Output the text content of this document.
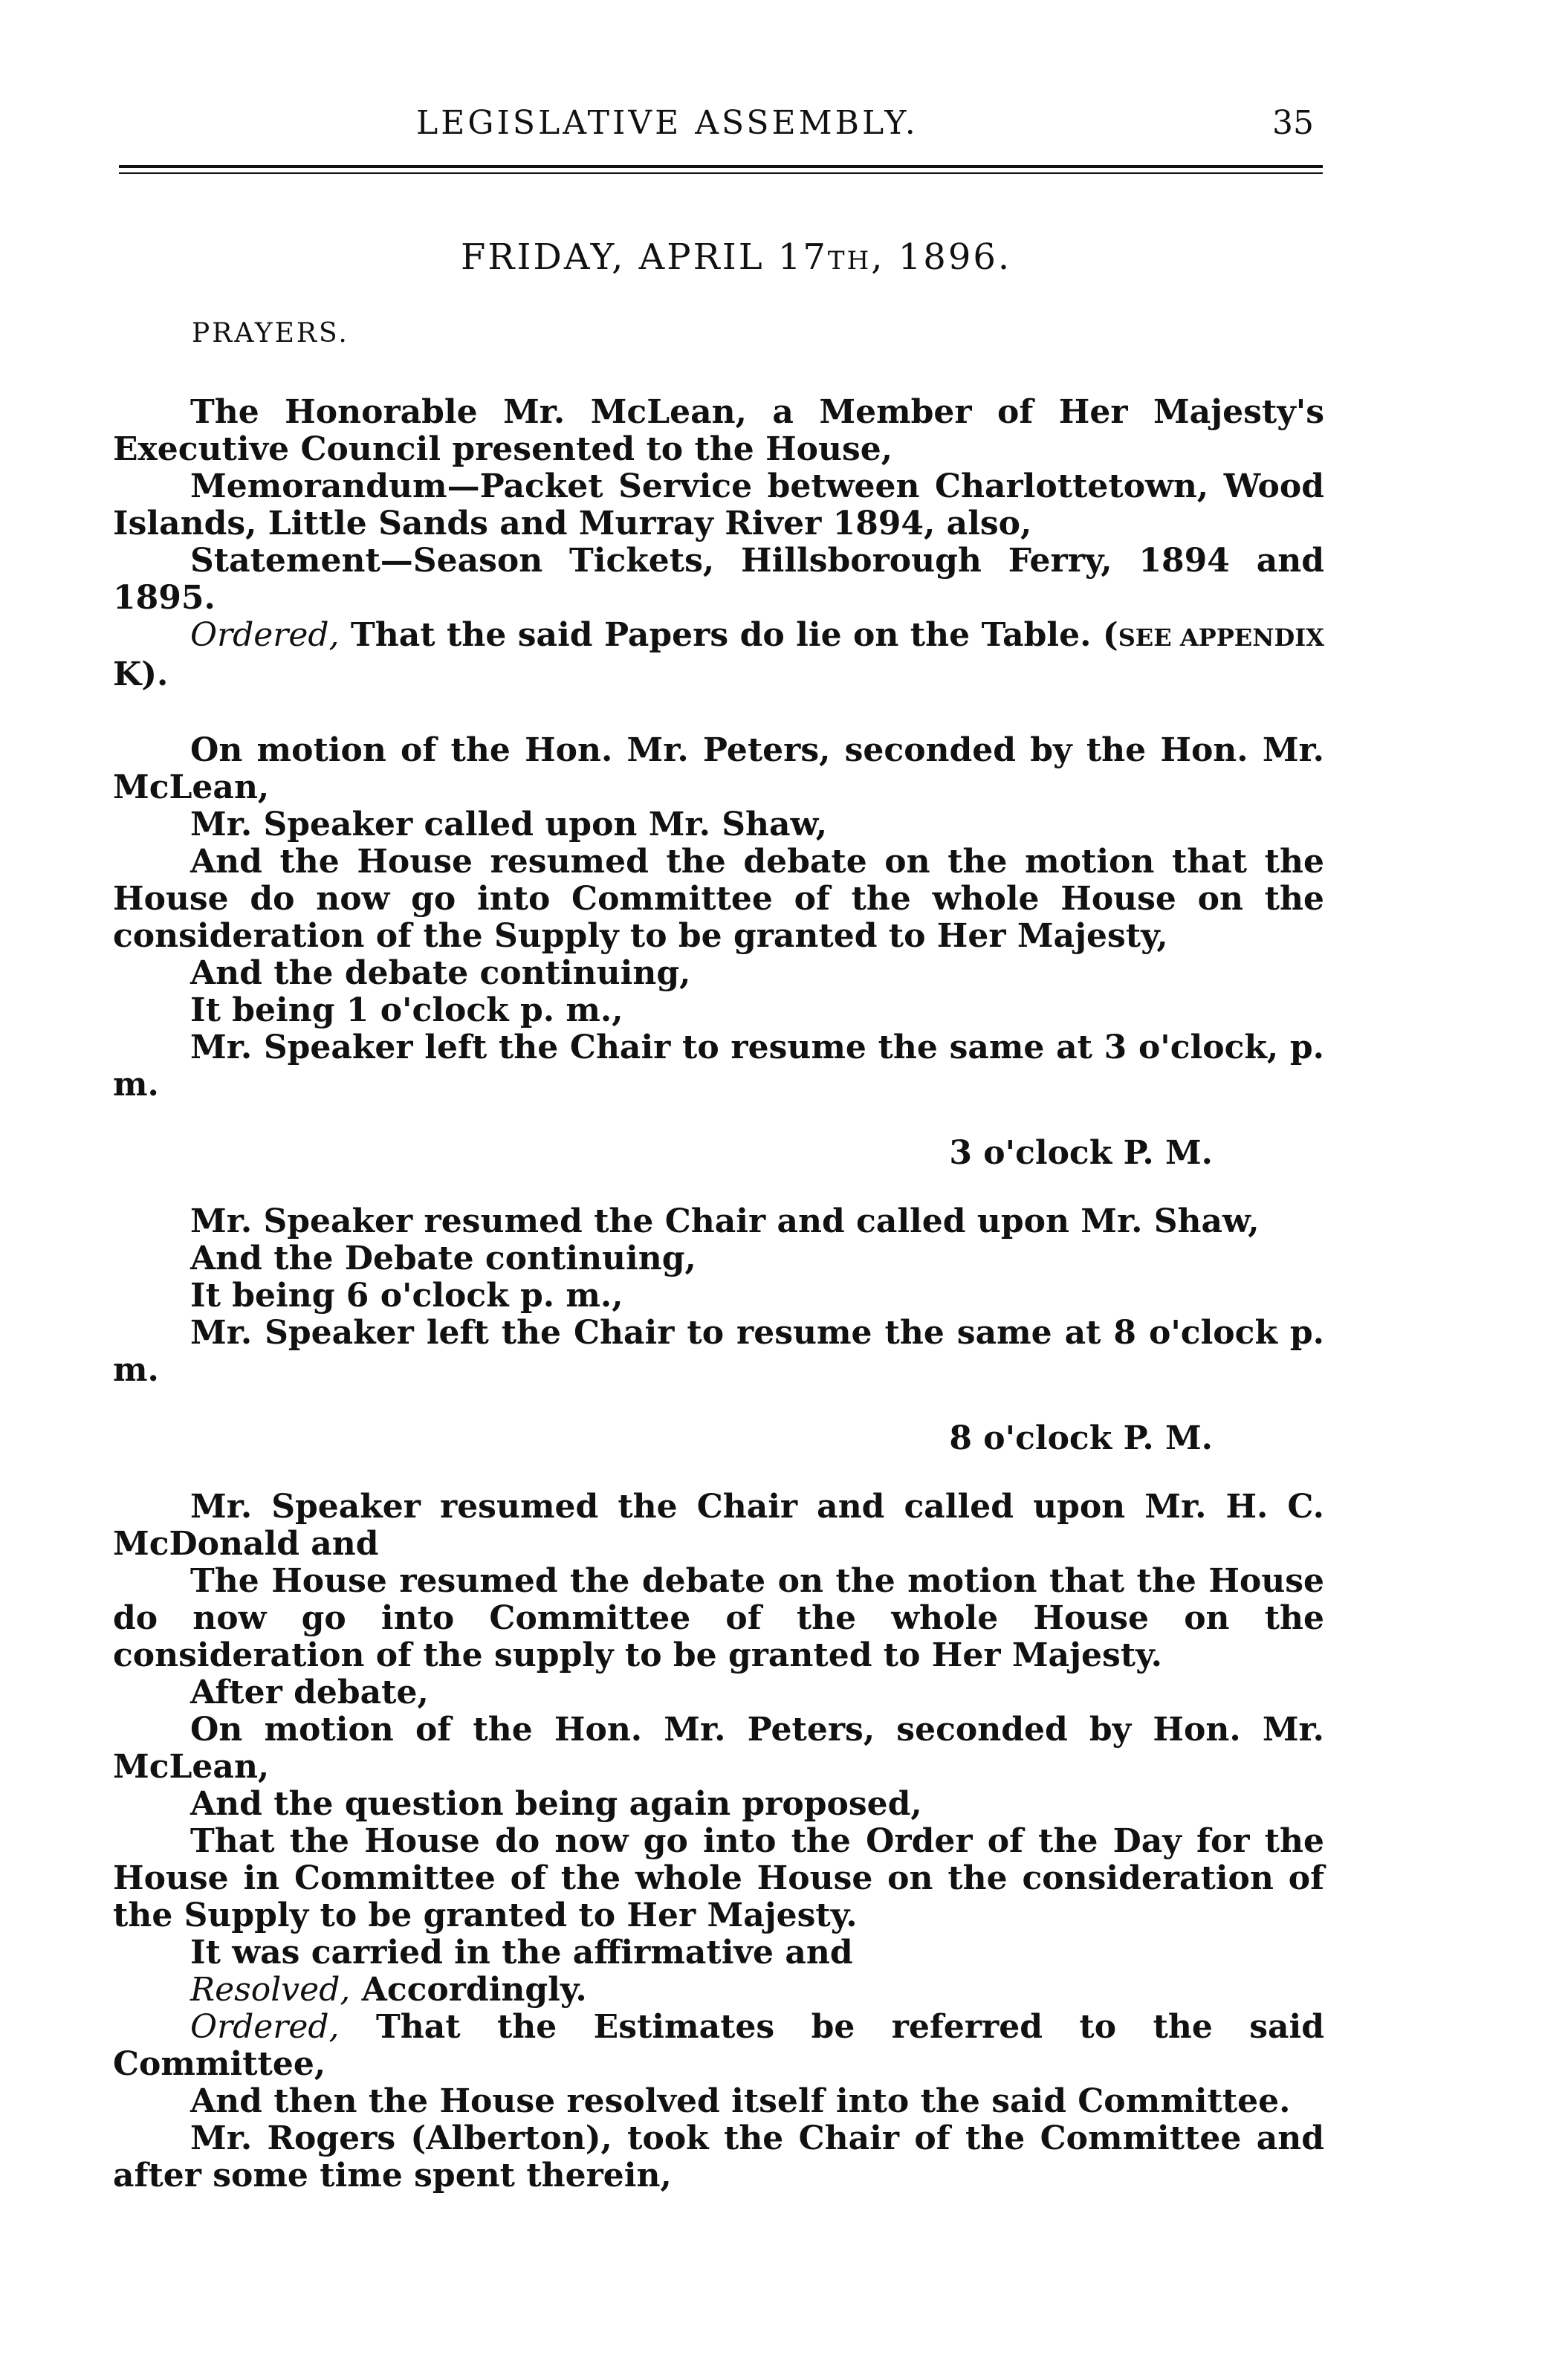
LEGISLATIVE ASSEMBLY.	35
FRIDAY, APRIL 17TH, 1896.
PRAYERS.

The Honorable Mr. McLean, a Member of Her Majesty's Executive Council presented to the House,

Memorandum—Packet Service between Charlottetown, Wood Islands, Little Sands and Murray River 1894, also,

Statement—Season Tickets, Hillsborough Ferry, 1894 and 1895.

Ordered, That the said Papers do lie on the Table. (SEE APPENDIX K).

On motion of the Hon. Mr. Peters, seconded by the Hon. Mr. McLean,

Mr. Speaker called upon Mr. Shaw,

And the House resumed the debate on the motion that the House do now go into Committee of the whole House on the consideration of the Supply to be granted to Her Majesty,

And the debate continuing,

It being 1 o'clock p. m.,

Mr. Speaker left the Chair to resume the same at 3 o'clock, p. m.

3 o'clock P. M.

Mr. Speaker resumed the Chair and called upon Mr. Shaw,

And the Debate continuing,

It being 6 o'clock p. m.,

Mr. Speaker left the Chair to resume the same at 8 o'clock p. m.

8 o'clock P. M.

Mr. Speaker resumed the Chair and called upon Mr. H. C. McDonald and

The House resumed the debate on the motion that the House do now go into Committee of the whole House on the consideration of the supply to be granted to Her Majesty.

After debate,

On motion of the Hon. Mr. Peters, seconded by Hon. Mr. McLean,

And the question being again proposed,

That the House do now go into the Order of the Day for the House in Committee of the whole House on the consideration of the Supply to be granted to Her Majesty.

It was carried in the affirmative and

Resolved, Accordingly.

Ordered, That the Estimates be referred to the said Committee,

And then the House resolved itself into the said Committee.

Mr. Rogers (Alberton), took the Chair of the Committee and after some time spent therein,
